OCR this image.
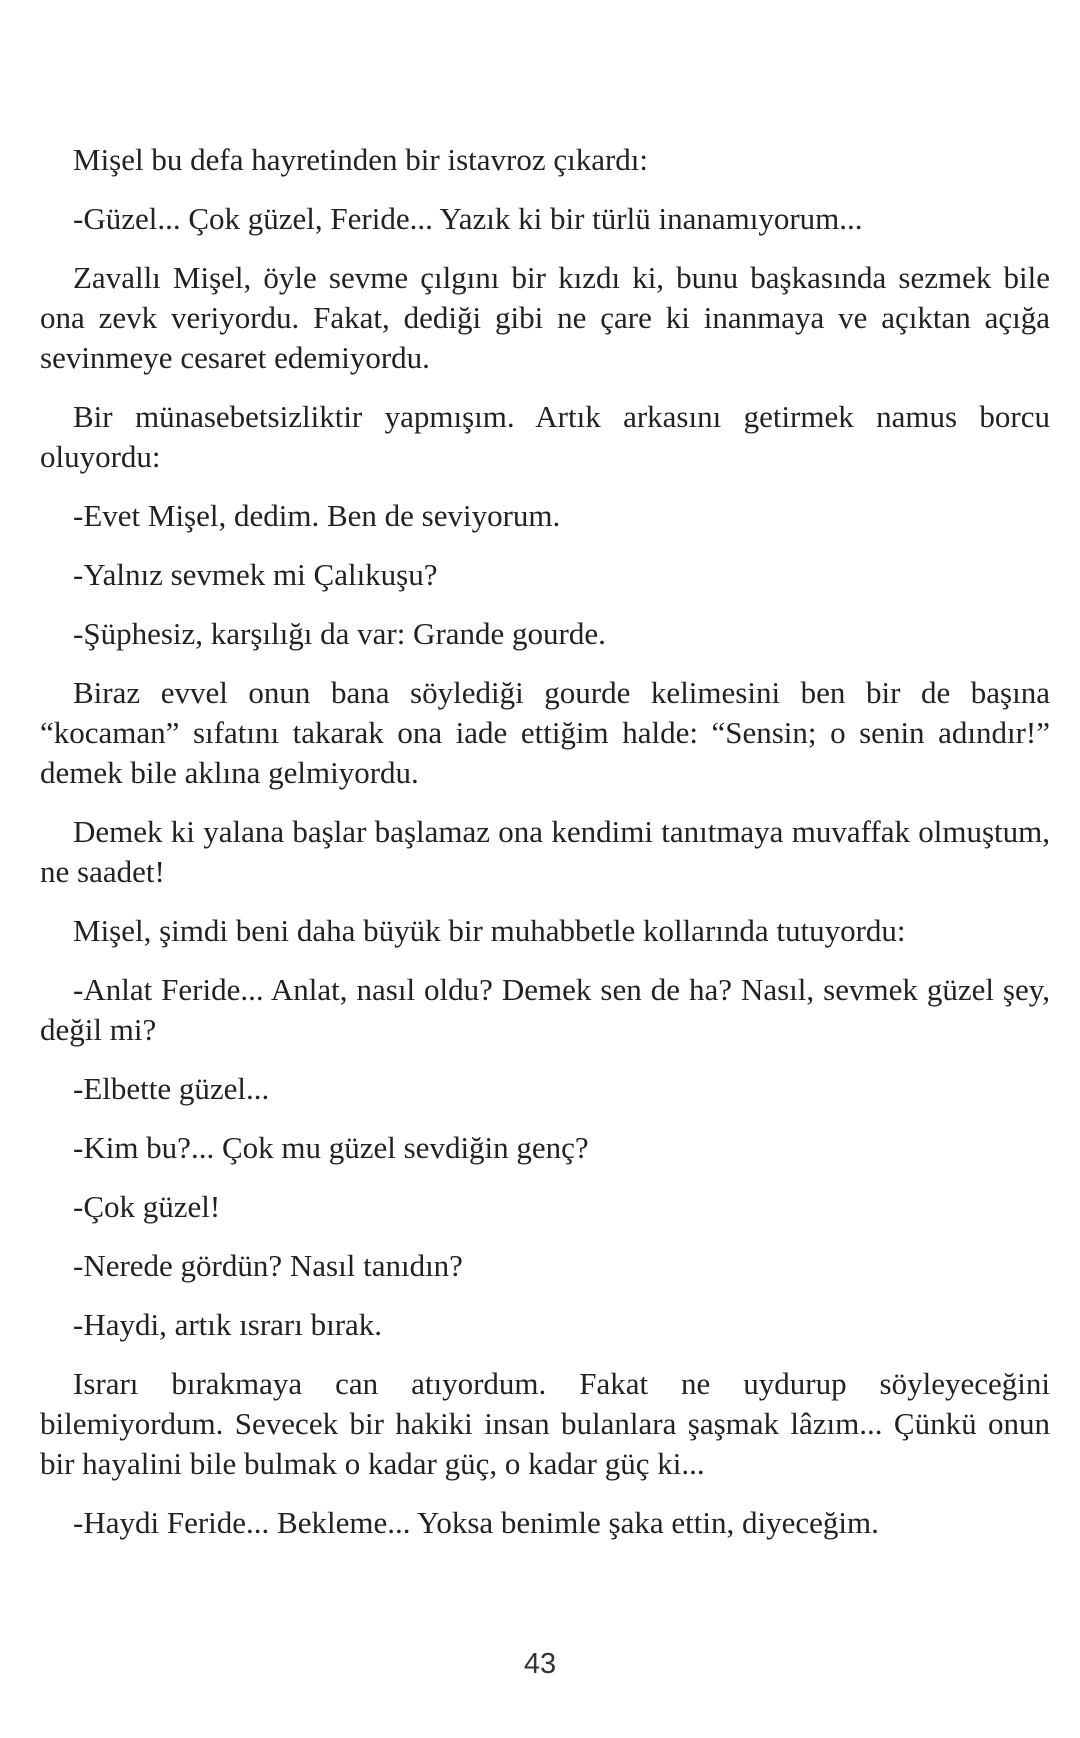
Mişel bu defa hayretinden bir istavroz çıkardı:

-Güzel... Çok güzel, Feride... Yazık ki bir türlü inanamıyorum...

Zavallı Mişel, öyle sevme çılgını bir kızdı ki, bunu başkasında sezmek bile ona zevk veriyordu. Fakat, dediği gibi ne çare ki inanmaya ve açıktan açığa sevinmeye cesaret edemiyordu.

Bir münasebetsizliktir yapmışım. Artık arkasını getirmek namus borcu oluyordu:

-Evet Mişel, dedim. Ben de seviyorum.

-Yalnız sevmek mi Çalıkuşu?

-Şüphesiz, karşılığı da var: Grande gourde.

Biraz evvel onun bana söylediği gourde kelimesini ben bir de başına “kocaman” sıfatını takarak ona iade ettiğim halde: “Sensin; o senin adındır!” demek bile aklına gelmiyordu.

Demek ki yalana başlar başlamaz ona kendimi tanıtmaya muvaffak olmuştum, ne saadet!

Mişel, şimdi beni daha büyük bir muhabbetle kollarında tutuyordu:

-Anlat Feride... Anlat, nasıl oldu? Demek sen de ha? Nasıl, sevmek güzel şey, değil mi?

-Elbette güzel...

-Kim bu?... Çok mu güzel sevdiğin genç?

-Çok güzel!

-Nerede gördün? Nasıl tanıdın?

-Haydi, artık ısrarı bırak.

Israrı bırakmaya can atıyordum. Fakat ne uydurup söyleyeceğini bilemiyordum. Sevecek bir hakiki insan bulanlara şaşmak lâzım... Çünkü onun bir hayalini bile bulmak o kadar güç, o kadar güç ki...

-Haydi Feride... Bekleme... Yoksa benimle şaka ettin, diyeceğim.

43
